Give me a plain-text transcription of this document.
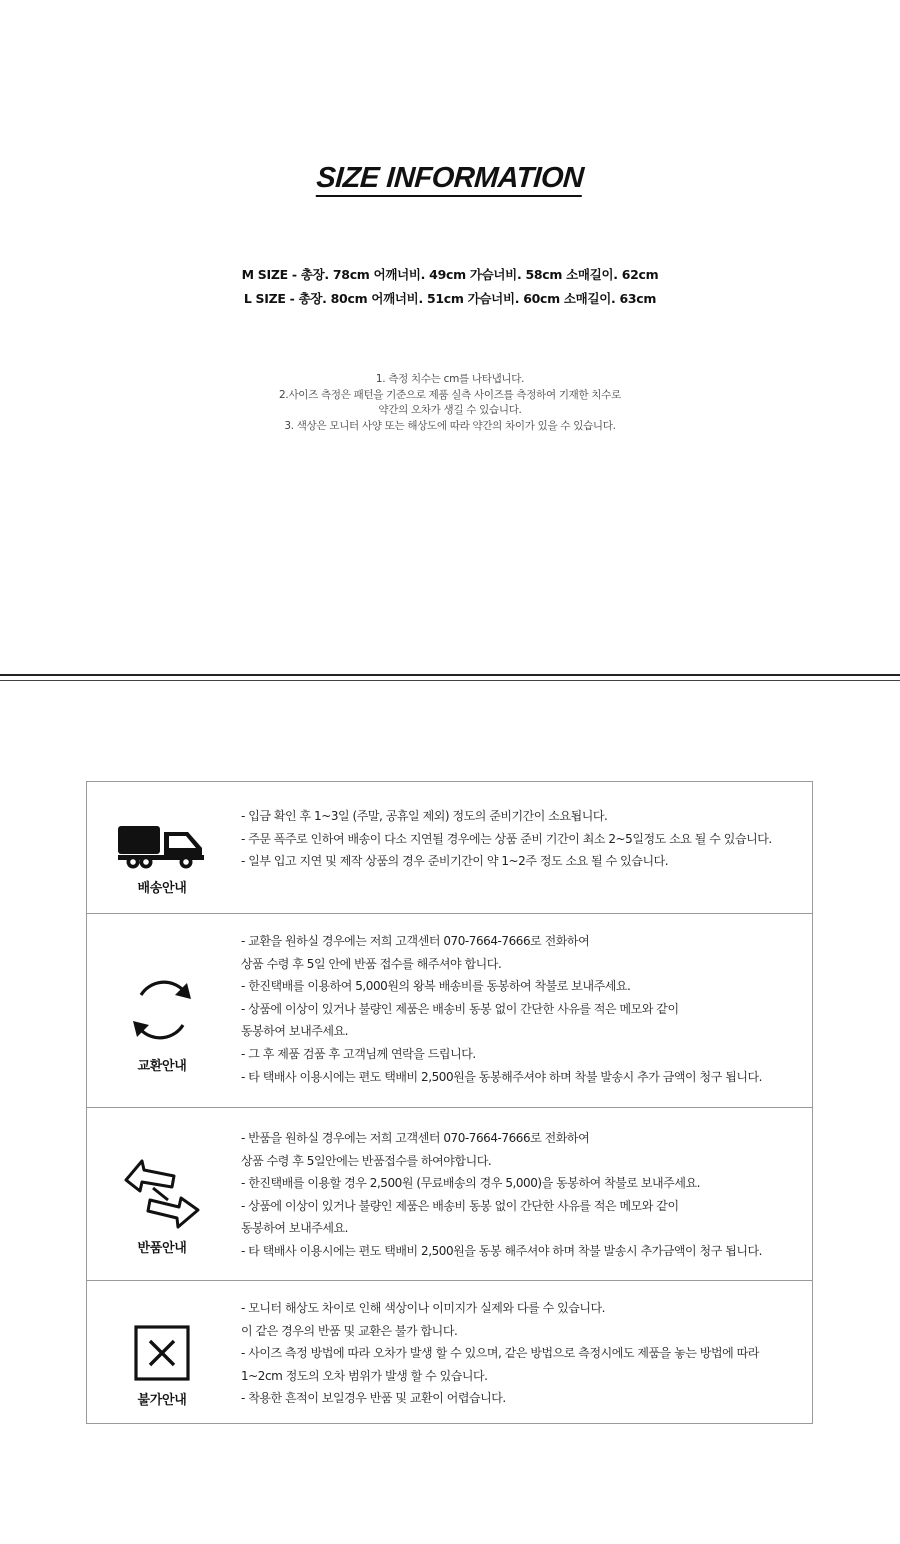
SIZE INFORMATION
M SIZE - 총장. 78cm 어깨너비. 49cm 가슴너비. 58cm 소매길이. 62cm
L SIZE - 총장. 80cm 어깨너비. 51cm 가슴너비. 60cm 소매길이. 63cm
1. 측정 치수는 cm를 나타냅니다.
2.사이즈 측정은 패턴을 기준으로 제품 실측 사이즈를 측정하여 기재한 치수로
약간의 오차가 생길 수 있습니다.
3. 색상은 모니터 사양 또는 해상도에 따라 약간의 차이가 있을 수 있습니다.
배송안내
- 입금 확인 후 1~3일 (주말, 공휴일 제외) 정도의 준비기간이 소요됩니다.
- 주문 폭주로 인하여 배송이 다소 지연될 경우에는 상품 준비 기간이 최소 2~5일정도 소요 될 수 있습니다.
- 일부 입고 지연 및 제작 상품의 경우 준비기간이 약 1~2주 정도 소요 될 수 있습니다.
교환안내
- 교환을 원하실 경우에는 저희 고객센터 070-7664-7666로 전화하여
상품 수령 후 5일 안에 반품 접수를 해주셔야 합니다.
- 한진택배를 이용하여 5,000원의 왕복 배송비를 동봉하여 착불로 보내주세요.
- 상품에 이상이 있거나 불량인 제품은 배송비 동봉 없이 간단한 사유를 적은 메모와 같이
동봉하여 보내주세요.
- 그 후 제품 검품 후 고객님께 연락을 드립니다.
- 타 택배사 이용시에는 편도 택배비 2,500원을 동봉해주셔야 하며 착불 발송시 추가 금액이 청구 됩니다.
반품안내
- 반품을 원하실 경우에는 저희 고객센터 070-7664-7666로 전화하여
상품 수령 후 5일안에는 반품접수를 하여야합니다.
- 한진택배를 이용할 경우 2,500원 (무료배송의 경우 5,000)을 동봉하여 착불로 보내주세요.
- 상품에 이상이 있거나 불량인 제품은 배송비 동봉 없이 간단한 사유를 적은 메모와 같이
동봉하여 보내주세요.
- 타 택배사 이용시에는 편도 택배비 2,500원을 동봉 해주셔야 하며 착불 발송시 추가금액이 청구 됩니다.
불가안내
- 모니터 해상도 차이로 인해 색상이나 이미지가 실제와 다를 수 있습니다.
이 같은 경우의 반품 및 교환은 불가 합니다.
- 사이즈 측정 방법에 따라 오차가 발생 할 수 있으며, 같은 방법으로 측정시에도 제품을 놓는 방법에 따라
1~2cm 정도의 오차 범위가 발생 할 수 있습니다.
- 착용한 흔적이 보일경우 반품 및 교환이 어렵습니다.
